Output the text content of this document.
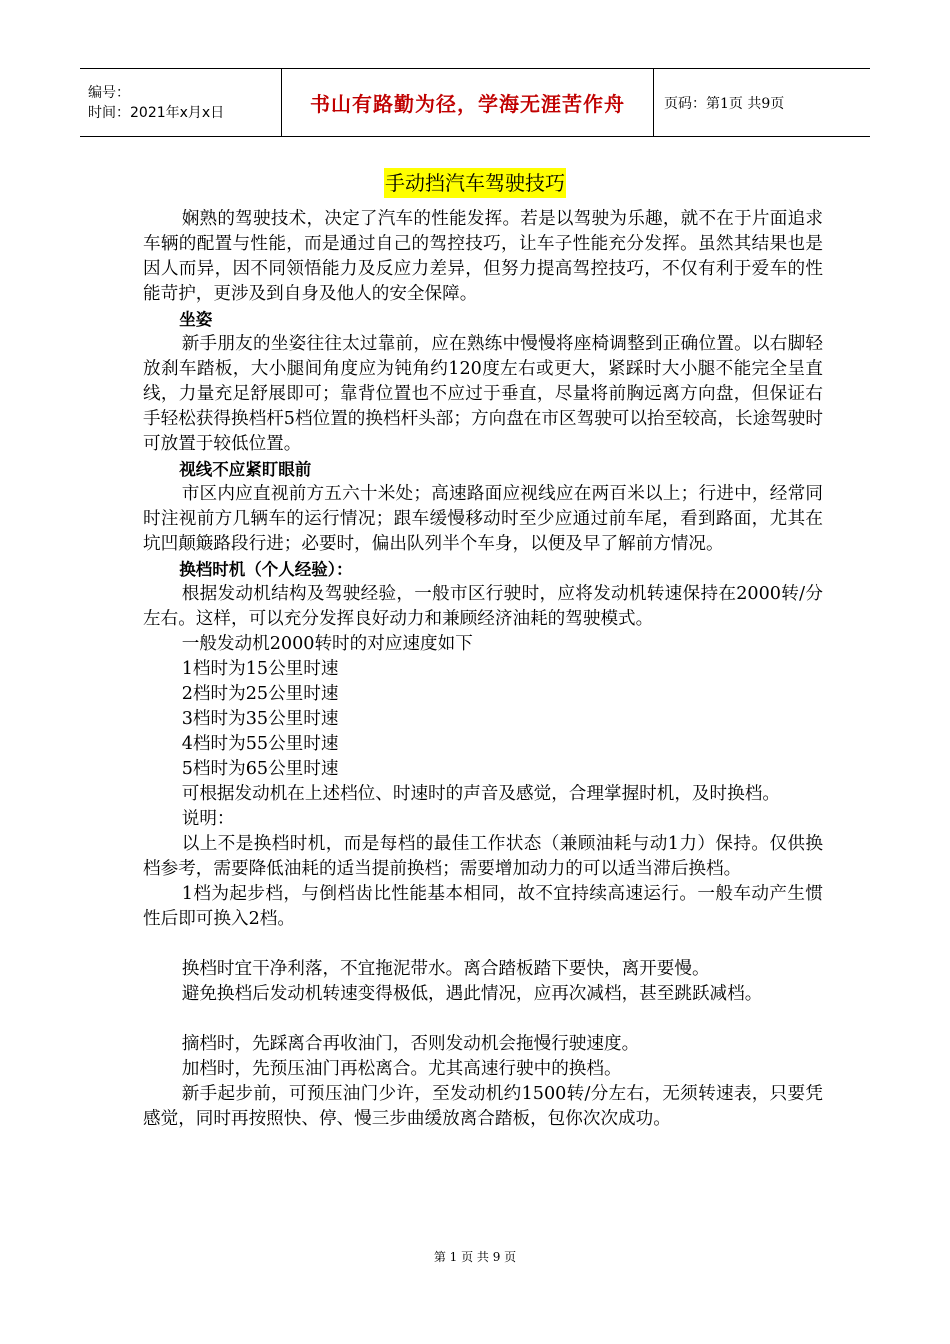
编号：
时间：2021年x月x日	书山有路勤为径，学海无涯苦作舟	页码：第1页 共9页
手动挡汽车驾驶技巧

娴熟的驾驶技术，决定了汽车的性能发挥。若是以驾驶为乐趣，就不在于片面追求车辆的配置与性能，而是通过自己的驾控技巧，让车子性能充分发挥。虽然其结果也是因人而异，因不同领悟能力及反应力差异，但努力提高驾控技巧，不仅有利于爱车的性能苛护，更涉及到自身及他人的安全保障。

坐姿

新手朋友的坐姿往往太过靠前，应在熟练中慢慢将座椅调整到正确位置。以右脚轻放刹车踏板，大小腿间角度应为钝角约120度左右或更大，紧踩时大小腿不能完全呈直线，力量充足舒展即可；靠背位置也不应过于垂直，尽量将前胸远离方向盘，但保证右手轻松获得换档杆5档位置的换档杆头部；方向盘在市区驾驶可以抬至较高，长途驾驶时可放置于较低位置。

视线不应紧盯眼前

市区内应直视前方五六十米处；高速路面应视线应在两百米以上；行进中，经常同时注视前方几辆车的运行情况；跟车缓慢移动时至少应通过前车尾，看到路面，尤其在坑凹颠簸路段行进；必要时，偏出队列半个车身，以便及早了解前方情况。

换档时机（个人经验）：

根据发动机结构及驾驶经验，一般市区行驶时，应将发动机转速保持在2000转/分左右。这样，可以充分发挥良好动力和兼顾经济油耗的驾驶模式。

一般发动机2000转时的对应速度如下

1档时为15公里时速

2档时为25公里时速

3档时为35公里时速

4档时为55公里时速

5档时为65公里时速

可根据发动机在上述档位、时速时的声音及感觉，合理掌握时机，及时换档。

说明：

以上不是换档时机，而是每档的最佳工作状态（兼顾油耗与动1力）保持。仅供换档参考，需要降低油耗的适当提前换档；需要增加动力的可以适当滞后换档。

1档为起步档，与倒档齿比性能基本相同，故不宜持续高速运行。一般车动产生惯性后即可换入2档。

换档时宜干净利落，不宜拖泥带水。离合踏板踏下要快，离开要慢。

避免换档后发动机转速变得极低，遇此情况，应再次减档，甚至跳跃减档。

摘档时，先踩离合再收油门，否则发动机会拖慢行驶速度。

加档时，先预压油门再松离合。尤其高速行驶中的换档。

新手起步前，可预压油门少许，至发动机约1500转/分左右，无须转速表，只要凭感觉，同时再按照快、停、慢三步曲缓放离合踏板，包你次次成功。

第 1 页 共 9 页
